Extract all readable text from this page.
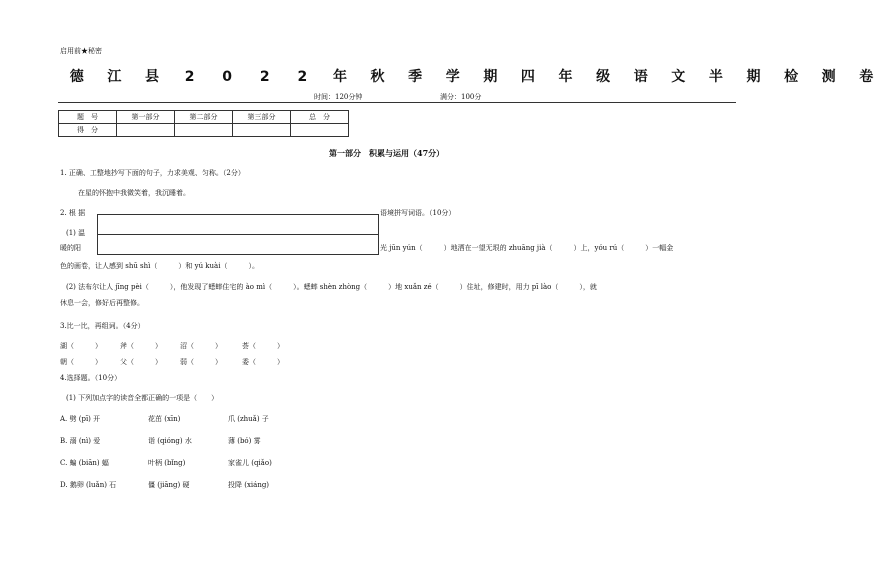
启用前★秘密
德 江 县 2 0 2 2 年 秋 季 学 期 四 年 级 语 文 半 期 检 测 卷
时间：120分钟	满分：100分
题　号	第一部分	第二部分	第三部分	总　分
得　分				
第一部分　积累与运用（47分）
1. 正确、工整地抄写下面的句子，力求美观、匀称。（2分）
在星的怀抱中我微笑着，我沉睡着。
2. 根 据	语境拼写词语。（10分）
(1) 温
暖的阳	光 jūn yún（　　　）地洒在一望无垠的 zhuāng jià（　　　）上，yóu rú（　　　）一幅金
色的画卷，让人感到 shū shì（　　　）和 yú kuài（　　　）。
(2) 法布尔让人 jīng pèi（　　　），他发现了蟋蟀住宅的 ào mì（　　　）。蟋蟀 shèn zhòng（　　　）地 xuǎn zé（　　　）住址，修建时，用力 pī lào（　　　），就
休息一会，修好后再整修。
3.比一比，再组词。（4分）
湖（　　　）	斧（　　　）	沼（　　　）	荟（　　　）
朝（　　　）	父（　　　）	弱（　　　）	委（　　　）
4.选择题。（10分）
(1) 下列加点字的读音全都正确的一项是（　　）
A. 劈 (pī) 开	花茁 (xīn)	爪 (zhuǎ) 子
B. 溺 (nì) 爱	诣 (qióng) 水	薄 (bó) 雾
C. 蝙 (biān) 蝠	叶柄 (bǐng)	家雀儿 (qiǎo)
D. 鹅卵 (luǎn) 石	僵 (jiāng) 硬	投降 (xiáng)
